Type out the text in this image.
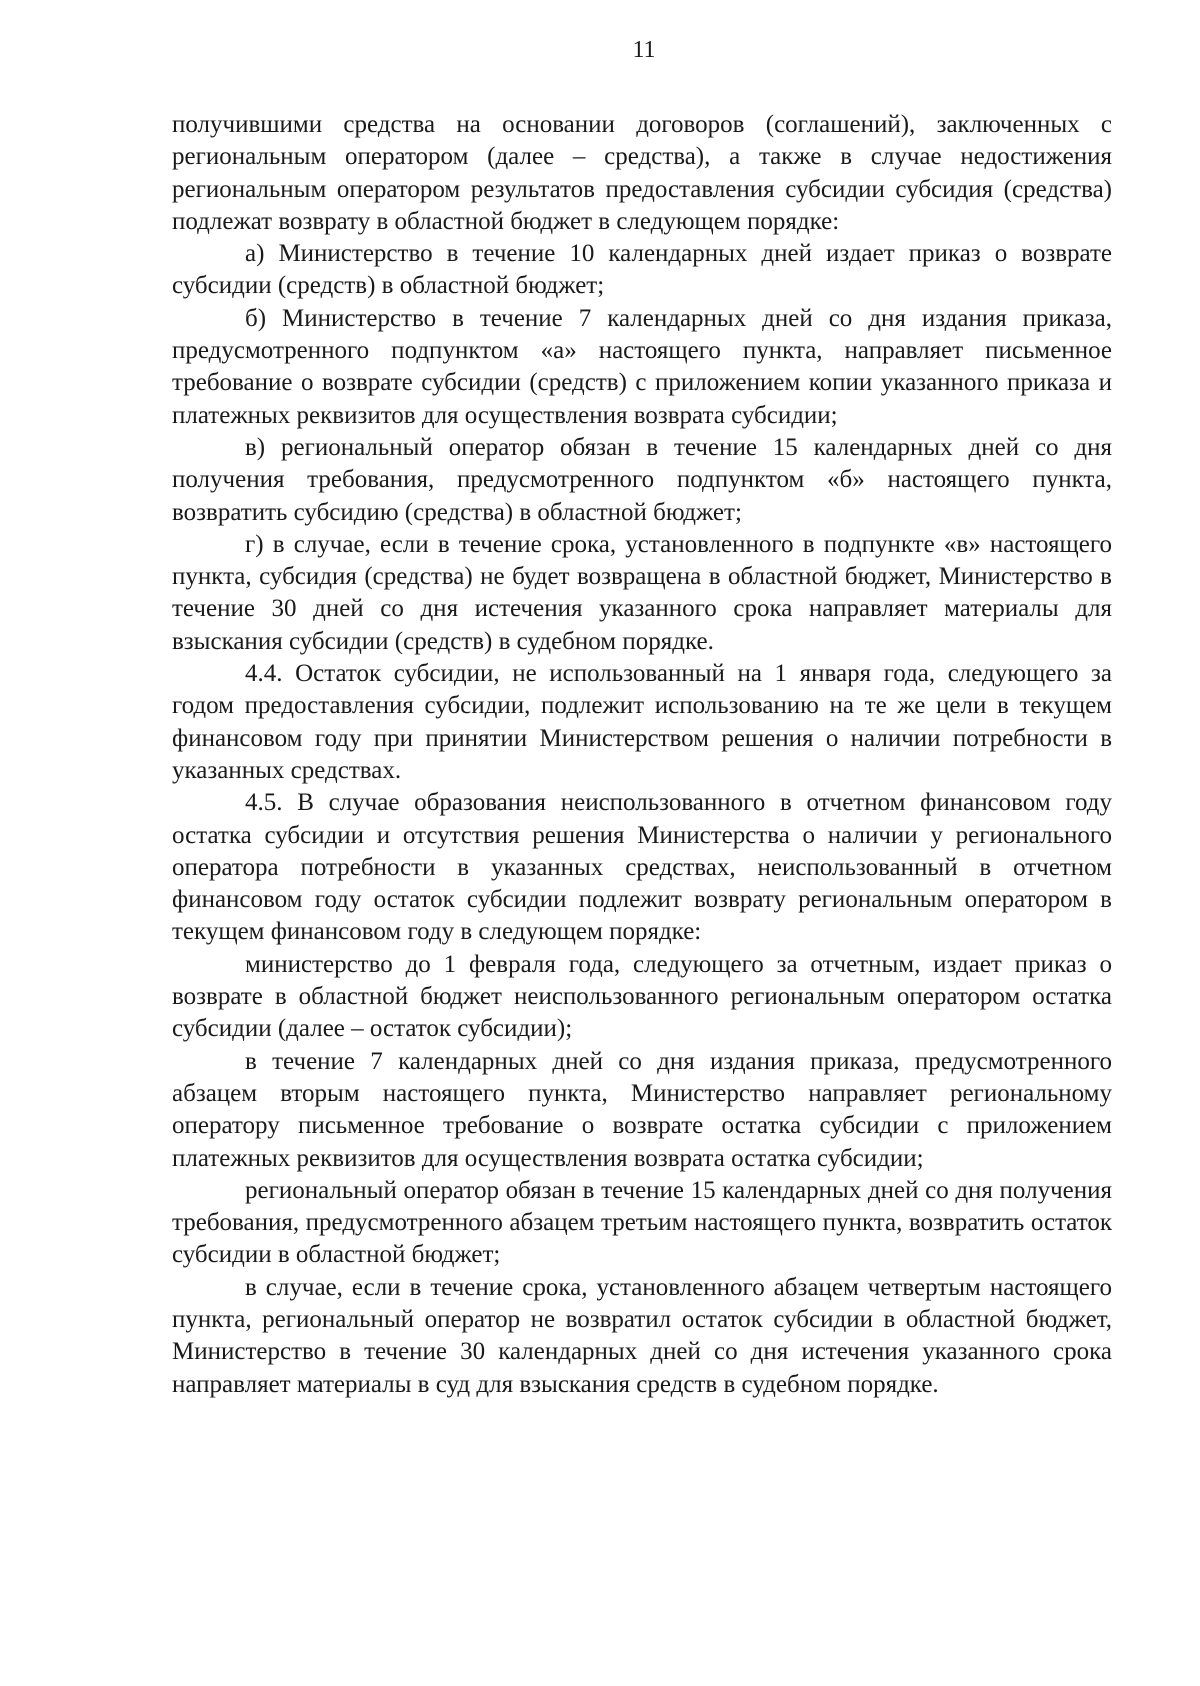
11

получившими средства на основании договоров (соглашений), заключенных с региональным оператором (далее – средства), а также в случае недостижения региональным оператором результатов предоставления субсидии субсидия (средства) подлежат возврату в областной бюджет в следующем порядке:

а) Министерство в течение 10 календарных дней издает приказ о возврате субсидии (средств) в областной бюджет;

б) Министерство в течение 7 календарных дней со дня издания приказа, предусмотренного подпунктом «а» настоящего пункта, направляет письменное требование о возврате субсидии (средств) с приложением копии указанного приказа и платежных реквизитов для осуществления возврата субсидии;

в) региональный оператор обязан в течение 15 календарных дней со дня получения требования, предусмотренного подпунктом «б» настоящего пункта, возвратить субсидию (средства) в областной бюджет;

г) в случае, если в течение срока, установленного в подпункте «в» настоящего пункта, субсидия (средства) не будет возвращена в областной бюджет, Министерство в течение 30 дней со дня истечения указанного срока направляет материалы для взыскания субсидии (средств) в судебном порядке.

4.4. Остаток субсидии, не использованный на 1 января года, следующего за годом предоставления субсидии, подлежит использованию на те же цели в текущем финансовом году при принятии Министерством решения о наличии потребности в указанных средствах.

4.5. В случае образования неиспользованного в отчетном финансовом году остатка субсидии и отсутствия решения Министерства о наличии у регионального оператора потребности в указанных средствах, неиспользованный в отчетном финансовом году остаток субсидии подлежит возврату региональным оператором в текущем финансовом году в следующем порядке:

министерство до 1 февраля года, следующего за отчетным, издает приказ о возврате в областной бюджет неиспользованного региональным оператором остатка субсидии (далее – остаток субсидии);

в течение 7 календарных дней со дня издания приказа, предусмотренного абзацем вторым настоящего пункта, Министерство направляет региональному оператору письменное требование о возврате остатка субсидии с приложением платежных реквизитов для осуществления возврата остатка субсидии;

региональный оператор обязан в течение 15 календарных дней со дня получения требования, предусмотренного абзацем третьим настоящего пункта, возвратить остаток субсидии в областной бюджет;

в случае, если в течение срока, установленного абзацем четвертым настоящего пункта, региональный оператор не возвратил остаток субсидии в областной бюджет, Министерство в течение 30 календарных дней со дня истечения указанного срока направляет материалы в суд для взыскания средств в судебном порядке.
